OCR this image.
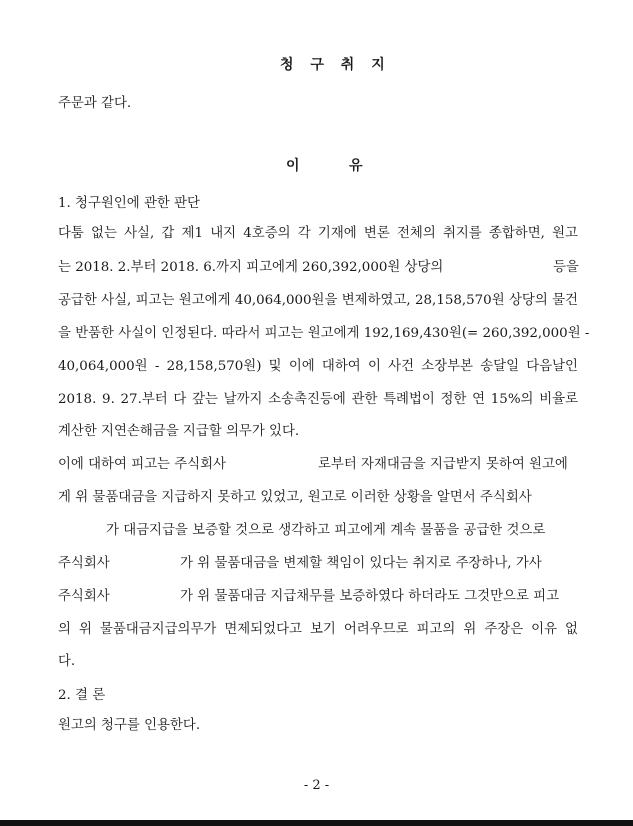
청 구 취 지
주문과 같다.
이    유
1. 청구원인에 관한 판단
다툼 없는 사실, 갑 제1 내지 4호증의 각 기재에 변론 전체의 취지를 종합하면, 원고
는 2018. 2.부터 2018. 6.까지 피고에게 260,392,000원 상당의	등을
공급한 사실, 피고는 원고에게 40,064,000원을 변제하였고, 28,158,570원 상당의 물건
을 반품한 사실이 인정된다. 따라서 피고는 원고에게 192,169,430원(= 260,392,000원 -
40,064,000원 - 28,158,570원) 및 이에 대하여 이 사건 소장부본 송달일 다음날인
2018. 9. 27.부터 다 갚는 날까지 소송촉진등에 관한 특례법이 정한 연 15%의 비율로
계산한 지연손해금을 지급할 의무가 있다.
이에 대하여 피고는 주식회사	로부터 자재대금을 지급받지 못하여 원고에
게 위 물품대금을 지급하지 못하고 있었고, 원고로 이러한 상황을 알면서 주식회사
가 대금지급을 보증할 것으로 생각하고 피고에게 계속 물품을 공급한 것으로
주식회사	가 위 물품대금을 변제할 책임이 있다는 취지로 주장하나, 가사
주식회사	가 위 물품대금 지급채무를 보증하였다 하더라도 그것만으로 피고
의 위 물품대금지급의무가 면제되었다고 보기 어려우므로 피고의 위 주장은 이유 없
다.
2. 결 론
원고의 청구를 인용한다.
- 2 -
